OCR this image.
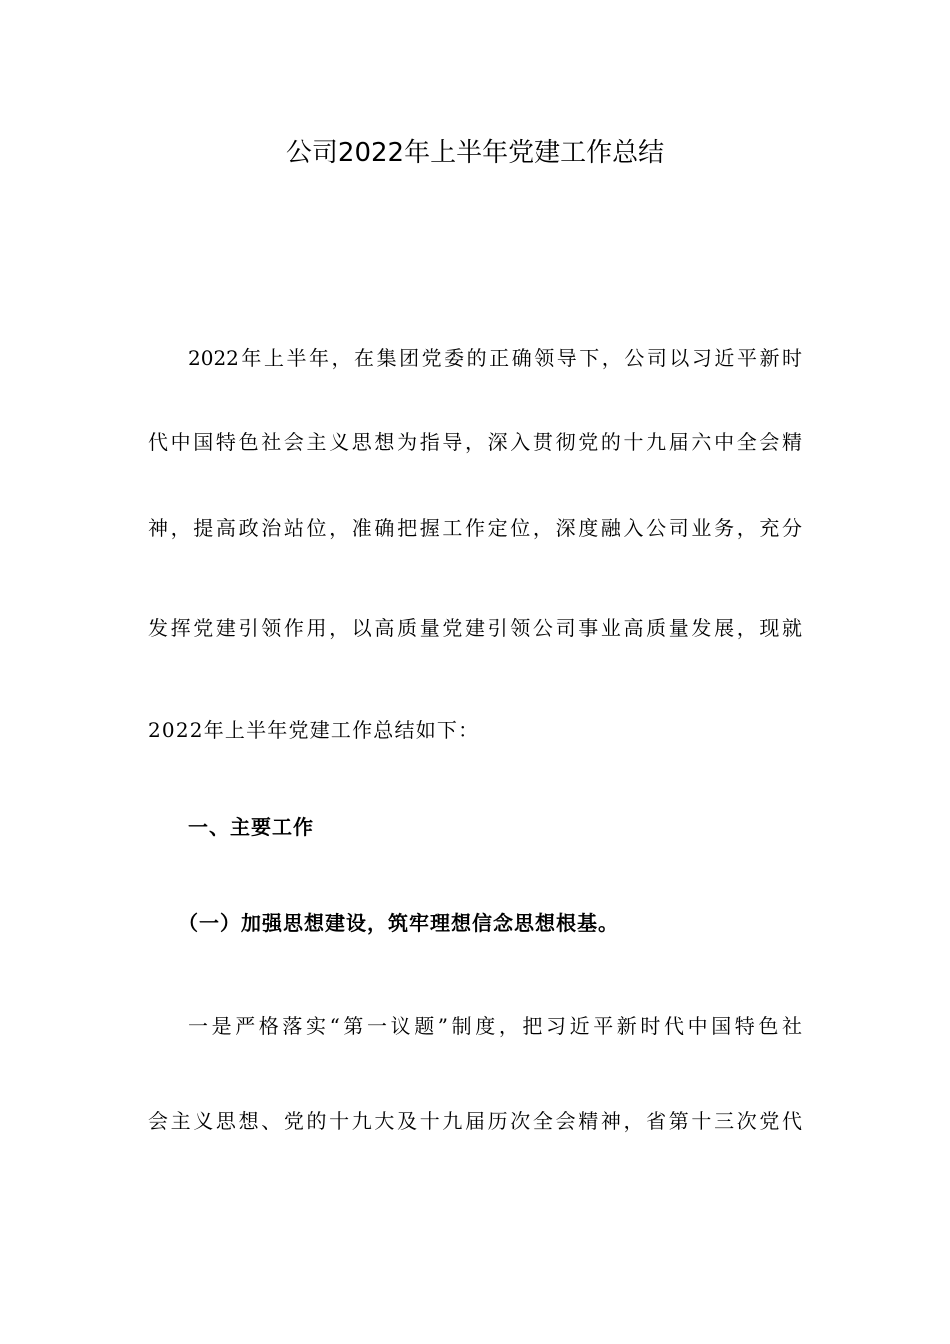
公司2022年上半年党建工作总结
2022年上半年，在集团党委的正确领导下，公司以习近平新时
代中国特色社会主义思想为指导，深入贯彻党的十九届六中全会精
神，提高政治站位，准确把握工作定位，深度融入公司业务，充分
发挥党建引领作用，以高质量党建引领公司事业高质量发展，现就
2022年上半年党建工作总结如下：
一、主要工作
（一）加强思想建设，筑牢理想信念思想根基。
一是严格落实“第一议题”制度，把习近平新时代中国特色社
会主义思想、党的十九大及十九届历次全会精神，省第十三次党代
